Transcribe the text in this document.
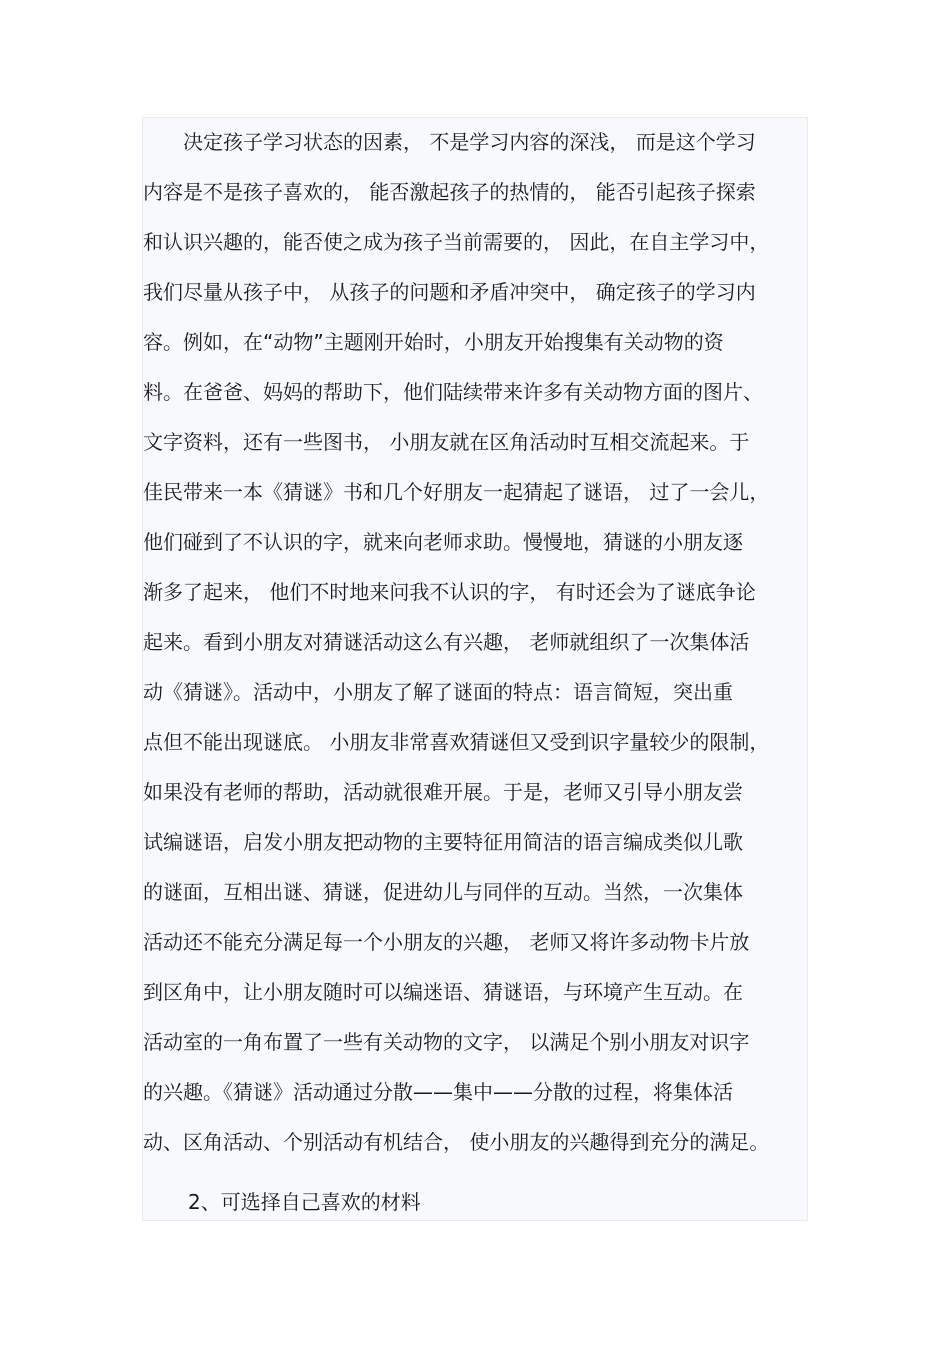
　　决定孩子学习状态的因素， 不是学习内容的深浅， 而是这个学习
内容是不是孩子喜欢的， 能否激起孩子的热情的， 能否引起孩子探索
和认识兴趣的，能否使之成为孩子当前需要的， 因此，在自主学习中，
我们尽量从孩子中， 从孩子的问题和矛盾冲突中， 确定孩子的学习内
容。例如，在“动物”主题刚开始时，小朋友开始搜集有关动物的资
料。在爸爸、妈妈的帮助下，他们陆续带来许多有关动物方面的图片、
文字资料，还有一些图书， 小朋友就在区角活动时互相交流起来。于
佳民带来一本《猜谜》书和几个好朋友一起猜起了谜语， 过了一会儿，
他们碰到了不认识的字，就来向老师求助。慢慢地，猜谜的小朋友逐
渐多了起来， 他们不时地来问我不认识的字， 有时还会为了谜底争论
起来。看到小朋友对猜谜活动这么有兴趣， 老师就组织了一次集体活
动《猜谜》。活动中，小朋友了解了谜面的特点：语言简短，突出重
点但不能出现谜底。 小朋友非常喜欢猜谜但又受到识字量较少的限制，
如果没有老师的帮助，活动就很难开展。于是，老师又引导小朋友尝
试编谜语，启发小朋友把动物的主要特征用简洁的语言编成类似儿歌
的谜面，互相出谜、猜谜，促进幼儿与同伴的互动。当然，一次集体
活动还不能充分满足每一个小朋友的兴趣， 老师又将许多动物卡片放
到区角中，让小朋友随时可以编迷语、猜谜语，与环境产生互动。在
活动室的一角布置了一些有关动物的文字， 以满足个别小朋友对识字
的兴趣。《猜谜》活动通过分散——集中——分散的过程，将集体活
动、区角活动、个别活动有机结合， 使小朋友的兴趣得到充分的满足。
2、可选择自己喜欢的材料
